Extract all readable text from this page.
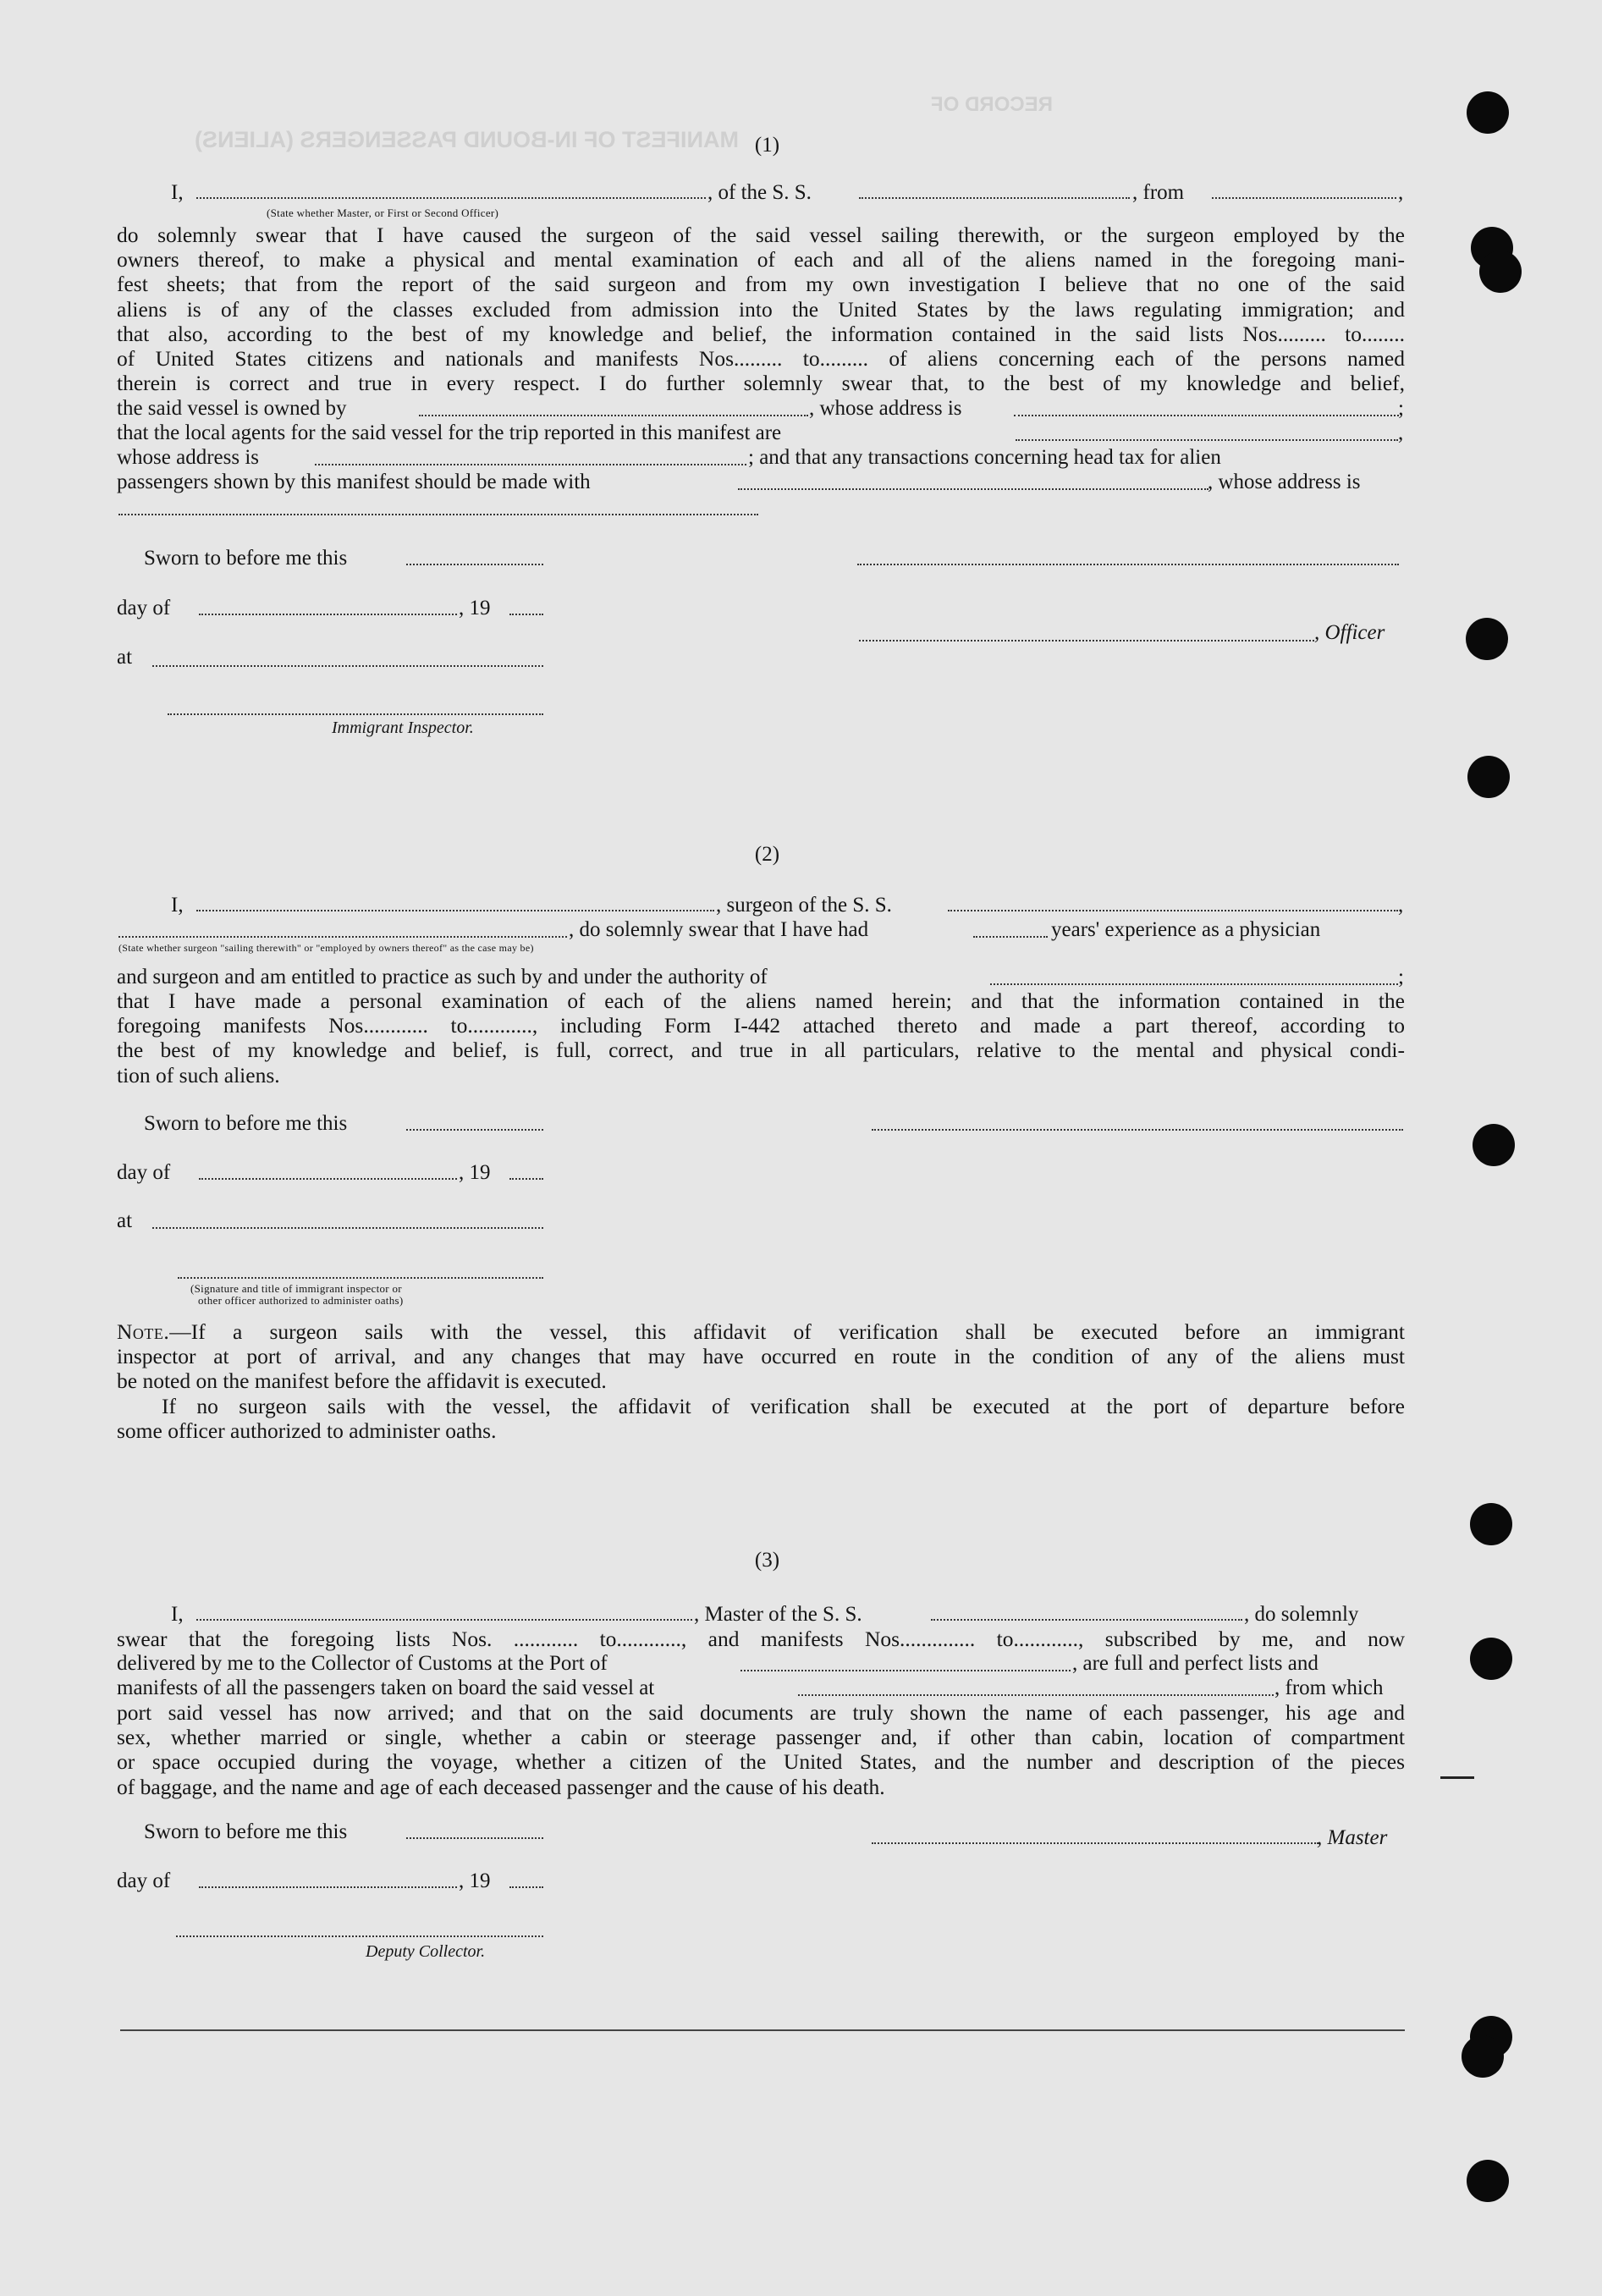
MANIFEST OF IN-BOUND PASSENGERS (ALIENS)
RECORD OF
(1)
I,	, of the S. S.	, from	,
(State whether Master, or First or Second Officer)
do solemnly swear that I have caused the surgeon of the said vessel sailing therewith, or the surgeon employed by the
owners thereof, to make a physical and mental examination of each and all of the aliens named in the foregoing mani-
fest sheets; that from the report of the said surgeon and from my own investigation I believe that no one of the said
aliens is of any of the classes excluded from admission into the United States by the laws regulating immigration; and
that also, according to the best of my knowledge and belief, the information contained in the said lists Nos......... to........
of United States citizens and nationals and manifests Nos......... to......... of aliens concerning each of the persons named
therein is correct and true in every respect. I do further solemnly swear that, to the best of my knowledge and belief,
the said vessel is owned by	, whose address is	;
that the local agents for the said vessel for the trip reported in this manifest are	,
whose address is	; and that any transactions concerning head tax for alien
passengers shown by this manifest should be made with	, whose address is
Sworn to before me this
day of	, 19
, Officer
at
Immigrant Inspector.
(2)
I,	, surgeon of the S. S.	,
, do solemnly swear that I have had	years' experience as a physician
(State whether surgeon "sailing therewith" or "employed by owners thereof" as the case may be)
and surgeon and am entitled to practice as such by and under the authority of	;
that I have made a personal examination of each of the aliens named herein; and that the information contained in the
foregoing manifests Nos............ to............, including Form I-442 attached thereto and made a part thereof, according to
the best of my knowledge and belief, is full, correct, and true in all particulars, relative to the mental and physical condi-
tion of such aliens.
Sworn to before me this
day of	, 19
at
(Signature and title of immigrant inspector or
other officer authorized to administer oaths)
Note.—If a surgeon sails with the vessel, this affidavit of verification shall be executed before an immigrant
inspector at port of arrival, and any changes that may have occurred en route in the condition of any of the aliens must
be noted on the manifest before the affidavit is executed.
If no surgeon sails with the vessel, the affidavit of verification shall be executed at the port of departure before
some officer authorized to administer oaths.
(3)
I,	, Master of the S. S.	, do solemnly
swear that the foregoing lists Nos. ............ to............, and manifests Nos.............. to............, subscribed by me, and now
delivered by me to the Collector of Customs at the Port of	, are full and perfect lists and
manifests of all the passengers taken on board the said vessel at	, from which
port said vessel has now arrived; and that on the said documents are truly shown the name of each passenger, his age and
sex, whether married or single, whether a cabin or steerage passenger and, if other than cabin, location of compartment
or space occupied during the voyage, whether a citizen of the United States, and the number and description of the pieces
of baggage, and the name and age of each deceased passenger and the cause of his death.
Sworn to before me this	, Master
day of	, 19
Deputy Collector.
